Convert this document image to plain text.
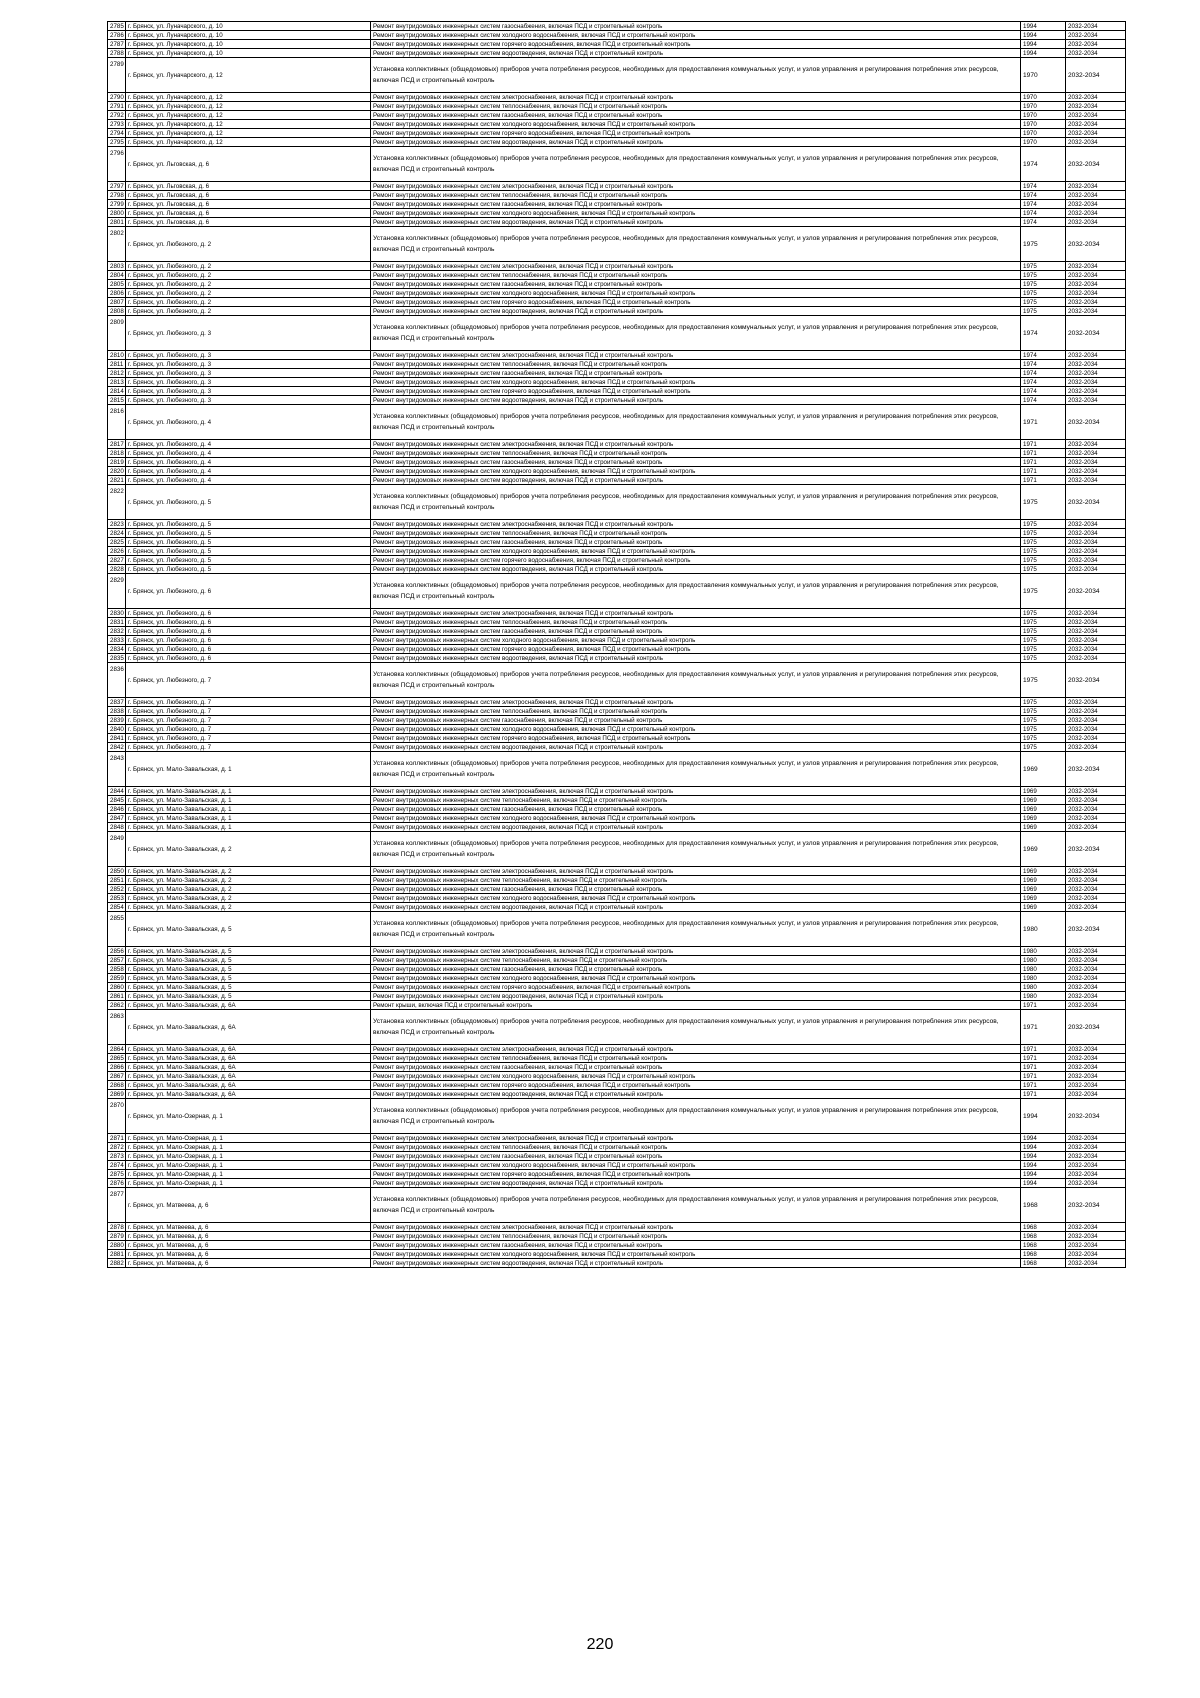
2785	г. Брянск, ул. Луначарского, д. 10	Ремонт внутридомовых инженерных систем газоснабжения, включая ПСД и строительный контроль	1994	2032-2034
2786	г. Брянск, ул. Луначарского, д. 10	Ремонт внутридомовых инженерных систем холодного водоснабжения, включая ПСД и строительный контроль	1994	2032-2034
2787	г. Брянск, ул. Луначарского, д. 10	Ремонт внутридомовых инженерных систем горячего водоснабжения, включая ПСД и строительный контроль	1994	2032-2034
2788	г. Брянск, ул. Луначарского, д. 10	Ремонт внутридомовых инженерных систем водоотведения, включая ПСД и строительный контроль	1994	2032-2034
2789	г. Брянск, ул. Луначарского, д. 12	Установка коллективных (общедомовых) приборов учета потребления ресурсов, необходимых для предоставления коммунальных услуг, и узлов управления и регулирования потребления этих ресурсов, включая ПСД и строительный контроль	1970	2032-2034
2790	г. Брянск, ул. Луначарского, д. 12	Ремонт внутридомовых инженерных систем электроснабжения, включая ПСД и строительный контроль	1970	2032-2034
2791	г. Брянск, ул. Луначарского, д. 12	Ремонт внутридомовых инженерных систем теплоснабжения, включая ПСД и строительный контроль	1970	2032-2034
2792	г. Брянск, ул. Луначарского, д. 12	Ремонт внутридомовых инженерных систем газоснабжения, включая ПСД и строительный контроль	1970	2032-2034
2793	г. Брянск, ул. Луначарского, д. 12	Ремонт внутридомовых инженерных систем холодного водоснабжения, включая ПСД и строительный контроль	1970	2032-2034
2794	г. Брянск, ул. Луначарского, д. 12	Ремонт внутридомовых инженерных систем горячего водоснабжения, включая ПСД и строительный контроль	1970	2032-2034
2795	г. Брянск, ул. Луначарского, д. 12	Ремонт внутридомовых инженерных систем водоотведения, включая ПСД и строительный контроль	1970	2032-2034
2796	г. Брянск, ул. Льговская, д. 6	Установка коллективных (общедомовых) приборов учета потребления ресурсов, необходимых для предоставления коммунальных услуг, и узлов управления и регулирования потребления этих ресурсов, включая ПСД и строительный контроль	1974	2032-2034
2797	г. Брянск, ул. Льговская, д. 6	Ремонт внутридомовых инженерных систем электроснабжения, включая ПСД и строительный контроль	1974	2032-2034
2798	г. Брянск, ул. Льговская, д. 6	Ремонт внутридомовых инженерных систем теплоснабжения, включая ПСД и строительный контроль	1974	2032-2034
2799	г. Брянск, ул. Льговская, д. 6	Ремонт внутридомовых инженерных систем газоснабжения, включая ПСД и строительный контроль	1974	2032-2034
2800	г. Брянск, ул. Льговская, д. 6	Ремонт внутридомовых инженерных систем холодного водоснабжения, включая ПСД и строительный контроль	1974	2032-2034
2801	г. Брянск, ул. Льговская, д. 6	Ремонт внутридомовых инженерных систем водоотведения, включая ПСД и строительный контроль	1974	2032-2034
2802	г. Брянск, ул. Любезного, д. 2	Установка коллективных (общедомовых) приборов учета потребления ресурсов, необходимых для предоставления коммунальных услуг, и узлов управления и регулирования потребления этих ресурсов, включая ПСД и строительный контроль	1975	2032-2034
2803	г. Брянск, ул. Любезного, д. 2	Ремонт внутридомовых инженерных систем электроснабжения, включая ПСД и строительный контроль	1975	2032-2034
2804	г. Брянск, ул. Любезного, д. 2	Ремонт внутридомовых инженерных систем теплоснабжения, включая ПСД и строительный контроль	1975	2032-2034
2805	г. Брянск, ул. Любезного, д. 2	Ремонт внутридомовых инженерных систем газоснабжения, включая ПСД и строительный контроль	1975	2032-2034
2806	г. Брянск, ул. Любезного, д. 2	Ремонт внутридомовых инженерных систем холодного водоснабжения, включая ПСД и строительный контроль	1975	2032-2034
2807	г. Брянск, ул. Любезного, д. 2	Ремонт внутридомовых инженерных систем горячего водоснабжения, включая ПСД и строительный контроль	1975	2032-2034
2808	г. Брянск, ул. Любезного, д. 2	Ремонт внутридомовых инженерных систем водоотведения, включая ПСД и строительный контроль	1975	2032-2034
2809	г. Брянск, ул. Любезного, д. 3	Установка коллективных (общедомовых) приборов учета потребления ресурсов, необходимых для предоставления коммунальных услуг, и узлов управления и регулирования потребления этих ресурсов, включая ПСД и строительный контроль	1974	2032-2034
2810	г. Брянск, ул. Любезного, д. 3	Ремонт внутридомовых инженерных систем электроснабжения, включая ПСД и строительный контроль	1974	2032-2034
2811	г. Брянск, ул. Любезного, д. 3	Ремонт внутридомовых инженерных систем теплоснабжения, включая ПСД и строительный контроль	1974	2032-2034
2812	г. Брянск, ул. Любезного, д. 3	Ремонт внутридомовых инженерных систем газоснабжения, включая ПСД и строительный контроль	1974	2032-2034
2813	г. Брянск, ул. Любезного, д. 3	Ремонт внутридомовых инженерных систем холодного водоснабжения, включая ПСД и строительный контроль	1974	2032-2034
2814	г. Брянск, ул. Любезного, д. 3	Ремонт внутридомовых инженерных систем горячего водоснабжения, включая ПСД и строительный контроль	1974	2032-2034
2815	г. Брянск, ул. Любезного, д. 3	Ремонт внутридомовых инженерных систем водоотведения, включая ПСД и строительный контроль	1974	2032-2034
2816	г. Брянск, ул. Любезного, д. 4	Установка коллективных (общедомовых) приборов учета потребления ресурсов, необходимых для предоставления коммунальных услуг, и узлов управления и регулирования потребления этих ресурсов, включая ПСД и строительный контроль	1971	2032-2034
2817	г. Брянск, ул. Любезного, д. 4	Ремонт внутридомовых инженерных систем электроснабжения, включая ПСД и строительный контроль	1971	2032-2034
2818	г. Брянск, ул. Любезного, д. 4	Ремонт внутридомовых инженерных систем теплоснабжения, включая ПСД и строительный контроль	1971	2032-2034
2819	г. Брянск, ул. Любезного, д. 4	Ремонт внутридомовых инженерных систем газоснабжения, включая ПСД и строительный контроль	1971	2032-2034
2820	г. Брянск, ул. Любезного, д. 4	Ремонт внутридомовых инженерных систем холодного водоснабжения, включая ПСД и строительный контроль	1971	2032-2034
2821	г. Брянск, ул. Любезного, д. 4	Ремонт внутридомовых инженерных систем водоотведения, включая ПСД и строительный контроль	1971	2032-2034
2822	г. Брянск, ул. Любезного, д. 5	Установка коллективных (общедомовых) приборов учета потребления ресурсов, необходимых для предоставления коммунальных услуг, и узлов управления и регулирования потребления этих ресурсов, включая ПСД и строительный контроль	1975	2032-2034
2823	г. Брянск, ул. Любезного, д. 5	Ремонт внутридомовых инженерных систем электроснабжения, включая ПСД и строительный контроль	1975	2032-2034
2824	г. Брянск, ул. Любезного, д. 5	Ремонт внутридомовых инженерных систем теплоснабжения, включая ПСД и строительный контроль	1975	2032-2034
2825	г. Брянск, ул. Любезного, д. 5	Ремонт внутридомовых инженерных систем газоснабжения, включая ПСД и строительный контроль	1975	2032-2034
2826	г. Брянск, ул. Любезного, д. 5	Ремонт внутридомовых инженерных систем холодного водоснабжения, включая ПСД и строительный контроль	1975	2032-2034
2827	г. Брянск, ул. Любезного, д. 5	Ремонт внутридомовых инженерных систем горячего водоснабжения, включая ПСД и строительный контроль	1975	2032-2034
2828	г. Брянск, ул. Любезного, д. 5	Ремонт внутридомовых инженерных систем водоотведения, включая ПСД и строительный контроль	1975	2032-2034
2829	г. Брянск, ул. Любезного, д. 6	Установка коллективных (общедомовых) приборов учета потребления ресурсов, необходимых для предоставления коммунальных услуг, и узлов управления и регулирования потребления этих ресурсов, включая ПСД и строительный контроль	1975	2032-2034
2830	г. Брянск, ул. Любезного, д. 6	Ремонт внутридомовых инженерных систем электроснабжения, включая ПСД и строительный контроль	1975	2032-2034
2831	г. Брянск, ул. Любезного, д. 6	Ремонт внутридомовых инженерных систем теплоснабжения, включая ПСД и строительный контроль	1975	2032-2034
2832	г. Брянск, ул. Любезного, д. 6	Ремонт внутридомовых инженерных систем газоснабжения, включая ПСД и строительный контроль	1975	2032-2034
2833	г. Брянск, ул. Любезного, д. 6	Ремонт внутридомовых инженерных систем холодного водоснабжения, включая ПСД и строительный контроль	1975	2032-2034
2834	г. Брянск, ул. Любезного, д. 6	Ремонт внутридомовых инженерных систем горячего водоснабжения, включая ПСД и строительный контроль	1975	2032-2034
2835	г. Брянск, ул. Любезного, д. 6	Ремонт внутридомовых инженерных систем водоотведения, включая ПСД и строительный контроль	1975	2032-2034
2836	г. Брянск, ул. Любезного, д. 7	Установка коллективных (общедомовых) приборов учета потребления ресурсов, необходимых для предоставления коммунальных услуг, и узлов управления и регулирования потребления этих ресурсов, включая ПСД и строительный контроль	1975	2032-2034
2837	г. Брянск, ул. Любезного, д. 7	Ремонт внутридомовых инженерных систем электроснабжения, включая ПСД и строительный контроль	1975	2032-2034
2838	г. Брянск, ул. Любезного, д. 7	Ремонт внутридомовых инженерных систем теплоснабжения, включая ПСД и строительный контроль	1975	2032-2034
2839	г. Брянск, ул. Любезного, д. 7	Ремонт внутридомовых инженерных систем газоснабжения, включая ПСД и строительный контроль	1975	2032-2034
2840	г. Брянск, ул. Любезного, д. 7	Ремонт внутридомовых инженерных систем холодного водоснабжения, включая ПСД и строительный контроль	1975	2032-2034
2841	г. Брянск, ул. Любезного, д. 7	Ремонт внутридомовых инженерных систем горячего водоснабжения, включая ПСД и строительный контроль	1975	2032-2034
2842	г. Брянск, ул. Любезного, д. 7	Ремонт внутридомовых инженерных систем водоотведения, включая ПСД и строительный контроль	1975	2032-2034
2843	г. Брянск, ул. Мало-Завальская, д. 1	Установка коллективных (общедомовых) приборов учета потребления ресурсов, необходимых для предоставления коммунальных услуг, и узлов управления и регулирования потребления этих ресурсов, включая ПСД и строительный контроль	1969	2032-2034
2844	г. Брянск, ул. Мало-Завальская, д. 1	Ремонт внутридомовых инженерных систем электроснабжения, включая ПСД и строительный контроль	1969	2032-2034
2845	г. Брянск, ул. Мало-Завальская, д. 1	Ремонт внутридомовых инженерных систем теплоснабжения, включая ПСД и строительный контроль	1969	2032-2034
2846	г. Брянск, ул. Мало-Завальская, д. 1	Ремонт внутридомовых инженерных систем газоснабжения, включая ПСД и строительный контроль	1969	2032-2034
2847	г. Брянск, ул. Мало-Завальская, д. 1	Ремонт внутридомовых инженерных систем холодного водоснабжения, включая ПСД и строительный контроль	1969	2032-2034
2848	г. Брянск, ул. Мало-Завальская, д. 1	Ремонт внутридомовых инженерных систем водоотведения, включая ПСД и строительный контроль	1969	2032-2034
2849	г. Брянск, ул. Мало-Завальская, д. 2	Установка коллективных (общедомовых) приборов учета потребления ресурсов, необходимых для предоставления коммунальных услуг, и узлов управления и регулирования потребления этих ресурсов, включая ПСД и строительный контроль	1969	2032-2034
2850	г. Брянск, ул. Мало-Завальская, д. 2	Ремонт внутридомовых инженерных систем электроснабжения, включая ПСД и строительный контроль	1969	2032-2034
2851	г. Брянск, ул. Мало-Завальская, д. 2	Ремонт внутридомовых инженерных систем теплоснабжения, включая ПСД и строительный контроль	1969	2032-2034
2852	г. Брянск, ул. Мало-Завальская, д. 2	Ремонт внутридомовых инженерных систем газоснабжения, включая ПСД и строительный контроль	1969	2032-2034
2853	г. Брянск, ул. Мало-Завальская, д. 2	Ремонт внутридомовых инженерных систем холодного водоснабжения, включая ПСД и строительный контроль	1969	2032-2034
2854	г. Брянск, ул. Мало-Завальская, д. 2	Ремонт внутридомовых инженерных систем водоотведения, включая ПСД и строительный контроль	1969	2032-2034
2855	г. Брянск, ул. Мало-Завальская, д. 5	Установка коллективных (общедомовых) приборов учета потребления ресурсов, необходимых для предоставления коммунальных услуг, и узлов управления и регулирования потребления этих ресурсов, включая ПСД и строительный контроль	1980	2032-2034
2856	г. Брянск, ул. Мало-Завальская, д. 5	Ремонт внутридомовых инженерных систем электроснабжения, включая ПСД и строительный контроль	1980	2032-2034
2857	г. Брянск, ул. Мало-Завальская, д. 5	Ремонт внутридомовых инженерных систем теплоснабжения, включая ПСД и строительный контроль	1980	2032-2034
2858	г. Брянск, ул. Мало-Завальская, д. 5	Ремонт внутридомовых инженерных систем газоснабжения, включая ПСД и строительный контроль	1980	2032-2034
2859	г. Брянск, ул. Мало-Завальская, д. 5	Ремонт внутридомовых инженерных систем холодного водоснабжения, включая ПСД и строительный контроль	1980	2032-2034
2860	г. Брянск, ул. Мало-Завальская, д. 5	Ремонт внутридомовых инженерных систем горячего водоснабжения, включая ПСД и строительный контроль	1980	2032-2034
2861	г. Брянск, ул. Мало-Завальская, д. 5	Ремонт внутридомовых инженерных систем водоотведения, включая ПСД и строительный контроль	1980	2032-2034
2862	г. Брянск, ул. Мало-Завальская, д. 6А	Ремонт крыши, включая ПСД и строительный контроль	1971	2032-2034
2863	г. Брянск, ул. Мало-Завальская, д. 6А	Установка коллективных (общедомовых) приборов учета потребления ресурсов, необходимых для предоставления коммунальных услуг, и узлов управления и регулирования потребления этих ресурсов, включая ПСД и строительный контроль	1971	2032-2034
2864	г. Брянск, ул. Мало-Завальская, д. 6А	Ремонт внутридомовых инженерных систем электроснабжения, включая ПСД и строительный контроль	1971	2032-2034
2865	г. Брянск, ул. Мало-Завальская, д. 6А	Ремонт внутридомовых инженерных систем теплоснабжения, включая ПСД и строительный контроль	1971	2032-2034
2866	г. Брянск, ул. Мало-Завальская, д. 6А	Ремонт внутридомовых инженерных систем газоснабжения, включая ПСД и строительный контроль	1971	2032-2034
2867	г. Брянск, ул. Мало-Завальская, д. 6А	Ремонт внутридомовых инженерных систем холодного водоснабжения, включая ПСД и строительный контроль	1971	2032-2034
2868	г. Брянск, ул. Мало-Завальская, д. 6А	Ремонт внутридомовых инженерных систем горячего водоснабжения, включая ПСД и строительный контроль	1971	2032-2034
2869	г. Брянск, ул. Мало-Завальская, д. 6А	Ремонт внутридомовых инженерных систем водоотведения, включая ПСД и строительный контроль	1971	2032-2034
2870	г. Брянск, ул. Мало-Озерная, д. 1	Установка коллективных (общедомовых) приборов учета потребления ресурсов, необходимых для предоставления коммунальных услуг, и узлов управления и регулирования потребления этих ресурсов, включая ПСД и строительный контроль	1994	2032-2034
2871	г. Брянск, ул. Мало-Озерная, д. 1	Ремонт внутридомовых инженерных систем электроснабжения, включая ПСД и строительный контроль	1994	2032-2034
2872	г. Брянск, ул. Мало-Озерная, д. 1	Ремонт внутридомовых инженерных систем теплоснабжения, включая ПСД и строительный контроль	1994	2032-2034
2873	г. Брянск, ул. Мало-Озерная, д. 1	Ремонт внутридомовых инженерных систем газоснабжения, включая ПСД и строительный контроль	1994	2032-2034
2874	г. Брянск, ул. Мало-Озерная, д. 1	Ремонт внутридомовых инженерных систем холодного водоснабжения, включая ПСД и строительный контроль	1994	2032-2034
2875	г. Брянск, ул. Мало-Озерная, д. 1	Ремонт внутридомовых инженерных систем горячего водоснабжения, включая ПСД и строительный контроль	1994	2032-2034
2876	г. Брянск, ул. Мало-Озерная, д. 1	Ремонт внутридомовых инженерных систем водоотведения, включая ПСД и строительный контроль	1994	2032-2034
2877	г. Брянск, ул. Матвеева, д. 6	Установка коллективных (общедомовых) приборов учета потребления ресурсов, необходимых для предоставления коммунальных услуг, и узлов управления и регулирования потребления этих ресурсов, включая ПСД и строительный контроль	1968	2032-2034
2878	г. Брянск, ул. Матвеева, д. 6	Ремонт внутридомовых инженерных систем электроснабжения, включая ПСД и строительный контроль	1968	2032-2034
2879	г. Брянск, ул. Матвеева, д. 6	Ремонт внутридомовых инженерных систем теплоснабжения, включая ПСД и строительный контроль	1968	2032-2034
2880	г. Брянск, ул. Матвеева, д. 6	Ремонт внутридомовых инженерных систем газоснабжения, включая ПСД и строительный контроль	1968	2032-2034
2881	г. Брянск, ул. Матвеева, д. 6	Ремонт внутридомовых инженерных систем холодного водоснабжения, включая ПСД и строительный контроль	1968	2032-2034
2882	г. Брянск, ул. Матвеева, д. 6	Ремонт внутридомовых инженерных систем водоотведения, включая ПСД и строительный контроль	1968	2032-2034
220
